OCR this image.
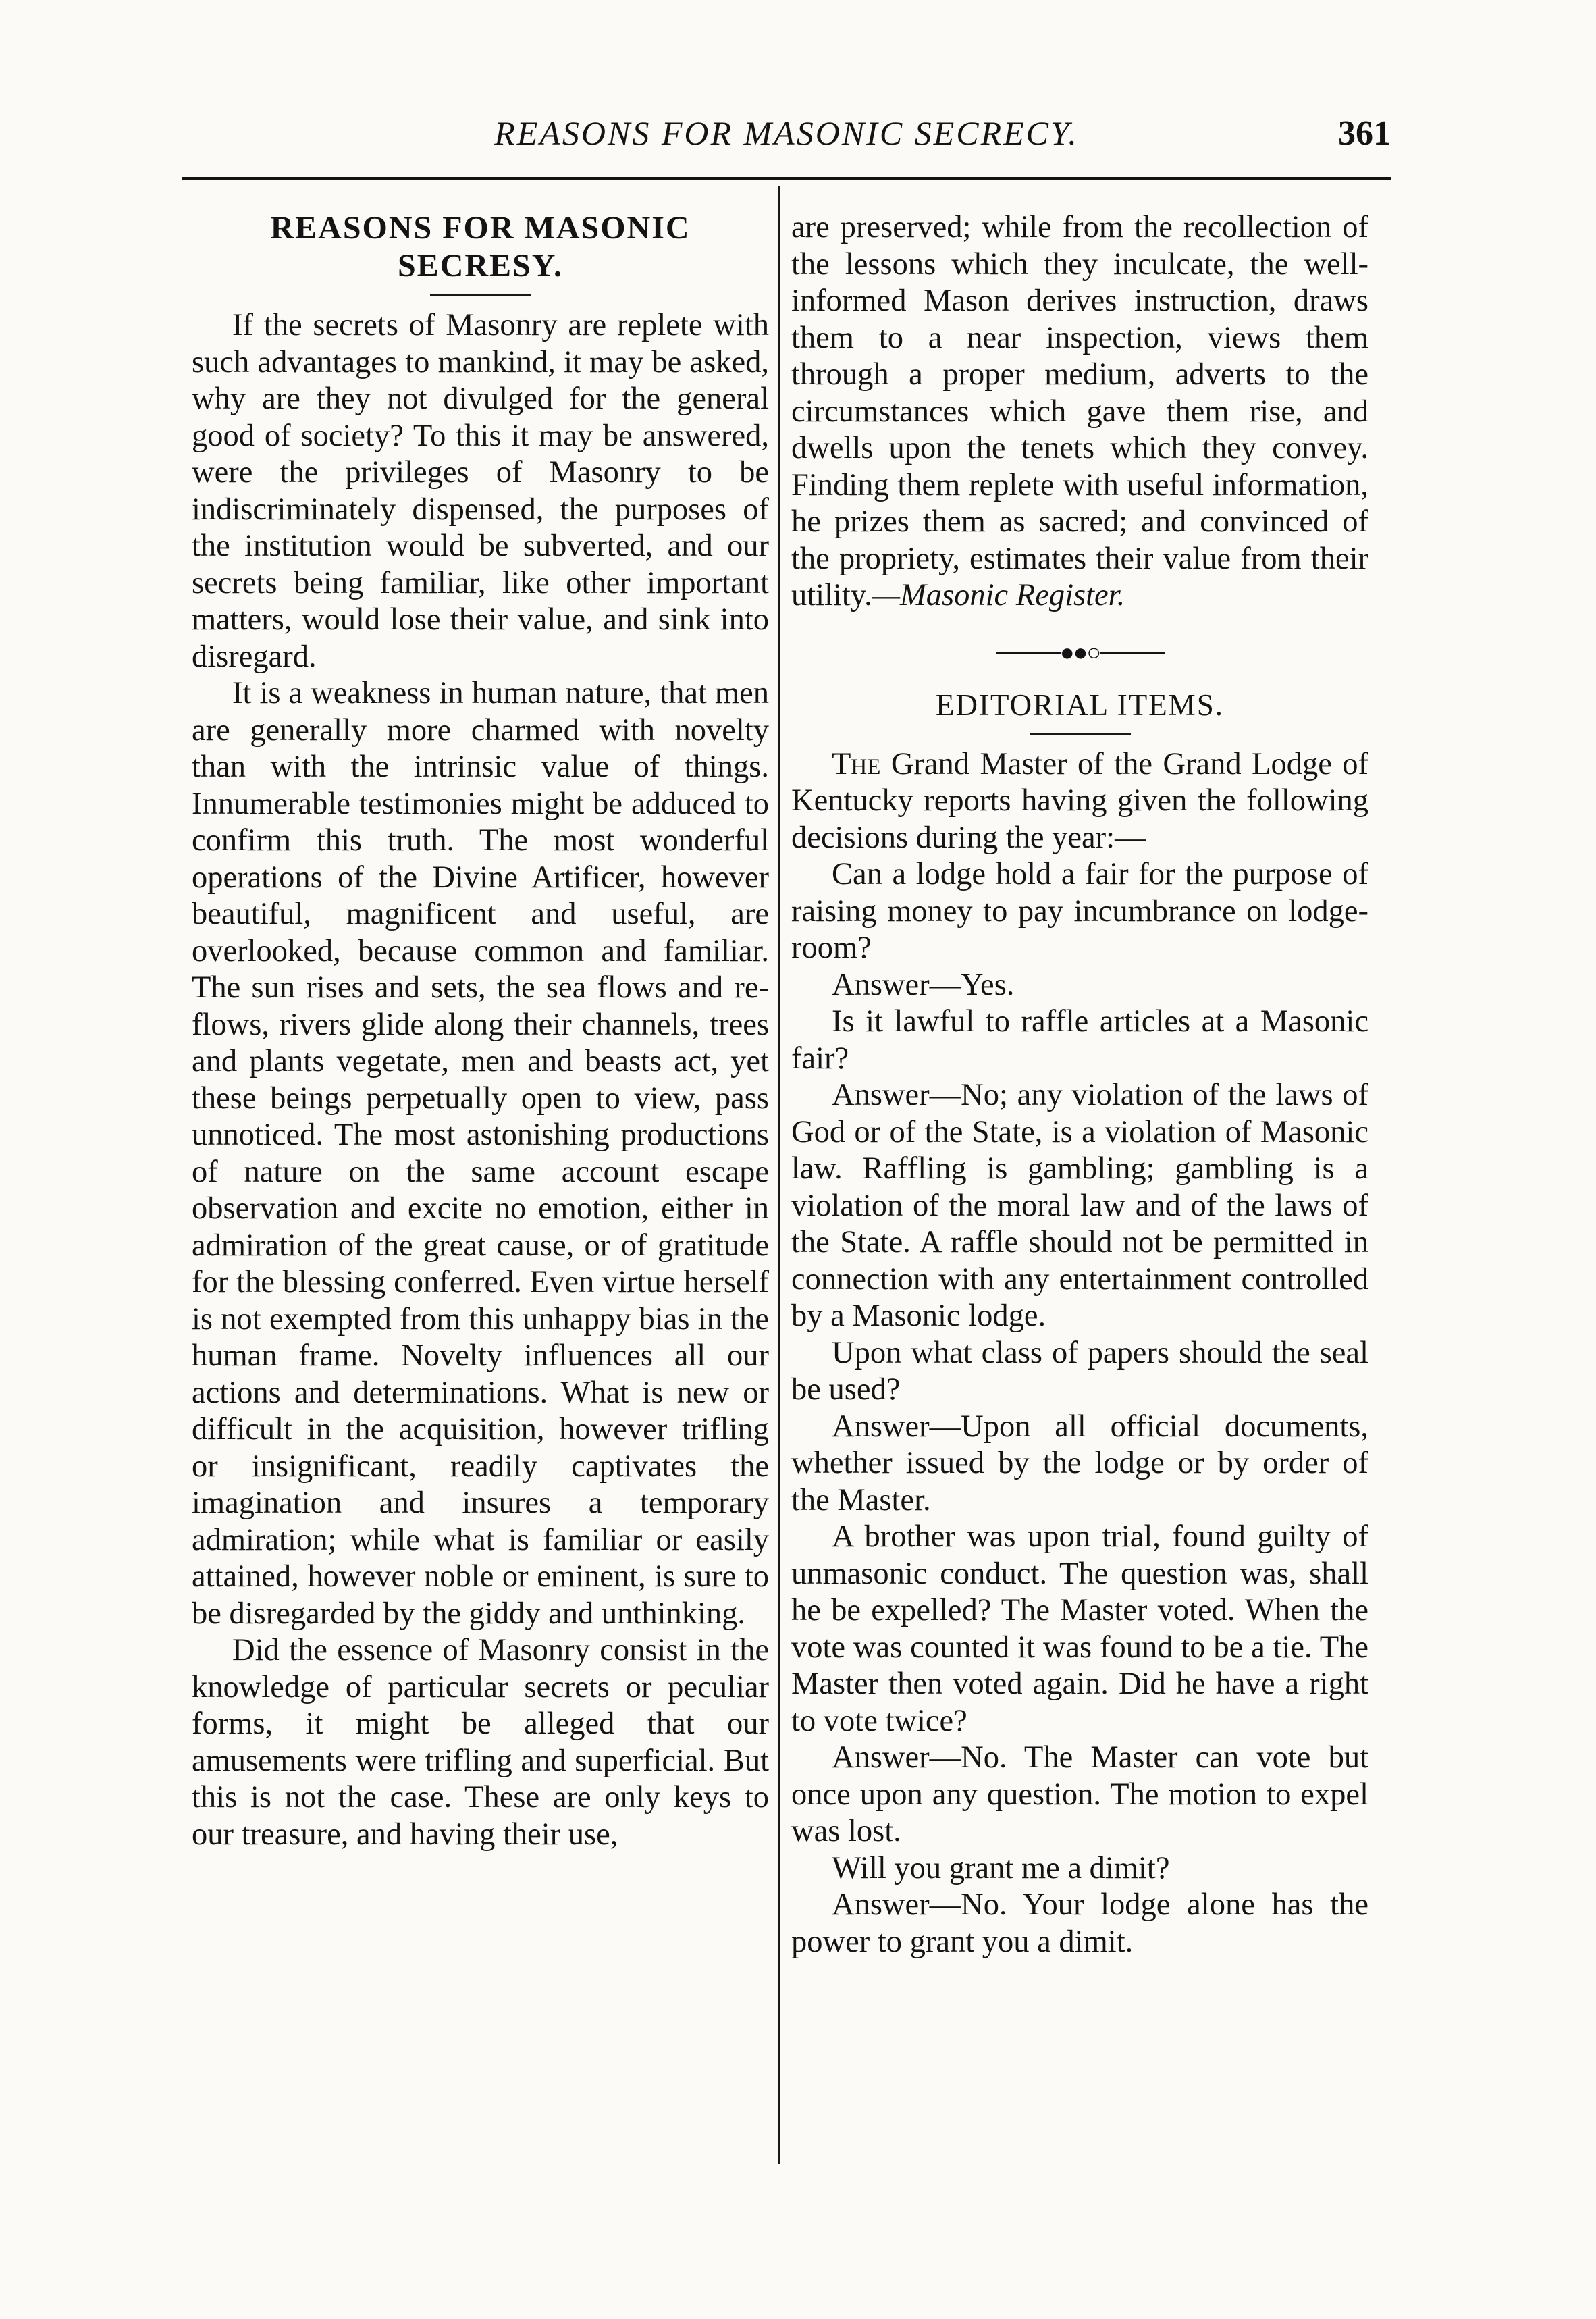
REASONS FOR MASONIC SECRECY.	361
REASONS FOR MASONIC SECRESY.

If the secrets of Masonry are replete with such advantages to mankind, it may be asked, why are they not divulged for the general good of society? To this it may be answered, were the privileges of Masonry to be indiscriminately dispensed, the purposes of the institution would be subverted, and our secrets being familiar, like other important matters, would lose their value, and sink into disregard.

It is a weakness in human nature, that men are generally more charmed with novelty than with the intrinsic value of things. Innumerable testimonies might be adduced to confirm this truth. The most wonderful operations of the Divine Artificer, however beautiful, magnificent and useful, are overlooked, because common and familiar. The sun rises and sets, the sea flows and re-flows, rivers glide along their channels, trees and plants vegetate, men and beasts act, yet these beings perpetually open to view, pass unnoticed. The most astonishing productions of nature on the same account escape observation and excite no emotion, either in admiration of the great cause, or of gratitude for the blessing conferred. Even virtue herself is not exempted from this unhappy bias in the human frame. Novelty influences all our actions and determinations. What is new or difficult in the acquisition, however trifling or insignificant, readily captivates the imagination and insures a temporary admiration; while what is familiar or easily attained, however noble or eminent, is sure to be disregarded by the giddy and unthinking.

Did the essence of Masonry consist in the knowledge of particular secrets or peculiar forms, it might be alleged that our amusements were trifling and superficial. But this is not the case. These are only keys to our treasure, and having their use,

are preserved; while from the recollection of the lessons which they inculcate, the well-informed Mason derives instruction, draws them to a near inspection, views them through a proper medium, adverts to the circumstances which gave them rise, and dwells upon the tenets which they convey. Finding them replete with useful information, he prizes them as sacred; and convinced of the propriety, estimates their value from their utility.—Masonic Register.

────●●○────
EDITORIAL ITEMS.

The Grand Master of the Grand Lodge of Kentucky reports having given the following decisions during the year:—

Can a lodge hold a fair for the purpose of raising money to pay incumbrance on lodge-room?

Answer—Yes.

Is it lawful to raffle articles at a Masonic fair?

Answer—No; any violation of the laws of God or of the State, is a violation of Masonic law. Raffling is gambling; gambling is a violation of the moral law and of the laws of the State. A raffle should not be permitted in connection with any entertainment controlled by a Masonic lodge.

Upon what class of papers should the seal be used?

Answer—Upon all official documents, whether issued by the lodge or by order of the Master.

A brother was upon trial, found guilty of unmasonic conduct. The question was, shall he be expelled? The Master voted. When the vote was counted it was found to be a tie. The Master then voted again. Did he have a right to vote twice?

Answer—No. The Master can vote but once upon any question. The motion to expel was lost.

Will you grant me a dimit?

Answer—No. Your lodge alone has the power to grant you a dimit.
